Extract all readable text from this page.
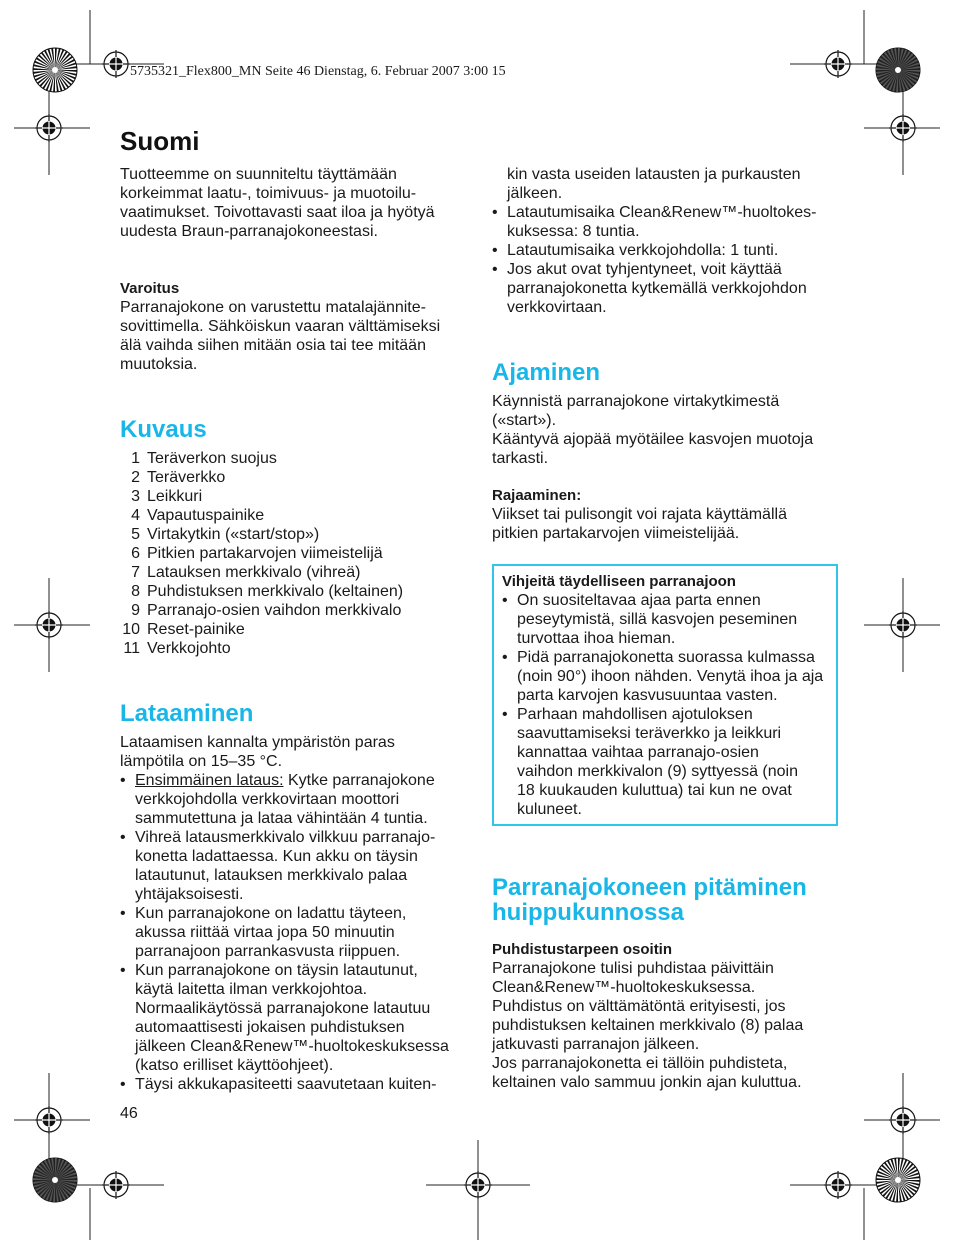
5735321_Flex800_MN Seite 46 Dienstag, 6. Februar 2007 3:00 15
Suomi

Tuotteemme on suunniteltu täyttämään

korkeimmat laatu-, toimivuus- ja muotoilu-

vaatimukset. Toivottavasti saat iloa ja hyötyä

uudesta Braun-parranajokoneestasi.

Varoitus

Parranajokone on varustettu matalajännite-

sovittimella. Sähköiskun vaaran välttämiseksi

älä vaihda siihen mitään osia tai tee mitään

muutoksia.

Kuvaus
1 Teräverkon suojus
2 Teräverkko
3 Leikkuri
4 Vapautuspainike
5 Virtakytkin («start/stop»)
6 Pitkien partakarvojen viimeistelijä
7 Latauksen merkkivalo (vihreä)
8 Puhdistuksen merkkivalo (keltainen)
9 Parranajo-osien vaihdon merkkivalo
10 Reset-painike
11 Verkkojohto
Lataaminen

Lataamisen kannalta ympäristön paras

lämpötila on 15–35 °C.

• Ensimmäinen lataus: Kytke parranajokone
verkkojohdolla verkkovirtaan moottori
sammutettuna ja lataa vähintään 4 tuntia.
• Vihreä latausmerkkivalo vilkkuu parranajo-
konetta ladattaessa. Kun akku on täysin
latautunut, latauksen merkkivalo palaa
yhtäjaksoisesti.
• Kun parranajokone on ladattu täyteen,
akussa riittää virtaa jopa 50 minuutin
parranajoon parrankasvusta riippuen.
• Kun parranajokone on täysin latautunut,
käytä laitetta ilman verkkojohtoa.
Normaalikäytössä parranajokone latautuu
automaattisesti jokaisen puhdistuksen
jälkeen Clean&Renew™-huoltokeskuksessa
(katso erilliset käyttöohjeet).
• Täysi akkukapasiteetti saavutetaan kuiten-
kin vasta useiden latausten ja purkausten
jälkeen.
• Latautumisaika Clean&Renew™-huoltokes-
kuksessa: 8 tuntia.
• Latautumisaika verkkojohdolla: 1 tunti.
• Jos akut ovat tyhjentyneet, voit käyttää
parranajokonetta kytkemällä verkkojohdon
verkkovirtaan.
Ajaminen

Käynnistä parranajokone virtakytkimestä

(«start»).

Kääntyvä ajopää myötäilee kasvojen muotoja

tarkasti.

Rajaaminen:

Viikset tai pulisongit voi rajata käyttämällä

pitkien partakarvojen viimeistelijää.

Vihjeitä täydelliseen parranajoon

• On suositeltavaa ajaa parta ennen
peseytymistä, sillä kasvojen peseminen
turvottaa ihoa hieman.
• Pidä parranajokonetta suorassa kulmassa
(noin 90°) ihoon nähden. Venytä ihoa ja aja
parta karvojen kasvusuuntaa vasten.
• Parhaan mahdollisen ajotuloksen
saavuttamiseksi teräverkko ja leikkuri
kannattaa vaihtaa parranajo-osien
vaihdon merkkivalon (9) syttyessä (noin
18 kuukauden kuluttua) tai kun ne ovat
kuluneet.
Parranajokoneen pitäminen
huippukunnossa

Puhdistustarpeen osoitin

Parranajokone tulisi puhdistaa päivittäin

Clean&Renew™-huoltokeskuksessa.

Puhdistus on välttämätöntä erityisesti, jos

puhdistuksen keltainen merkkivalo (8) palaa

jatkuvasti parranajon jälkeen.

Jos parranajokonetta ei tällöin puhdisteta,

keltainen valo sammuu jonkin ajan kuluttua.

46
